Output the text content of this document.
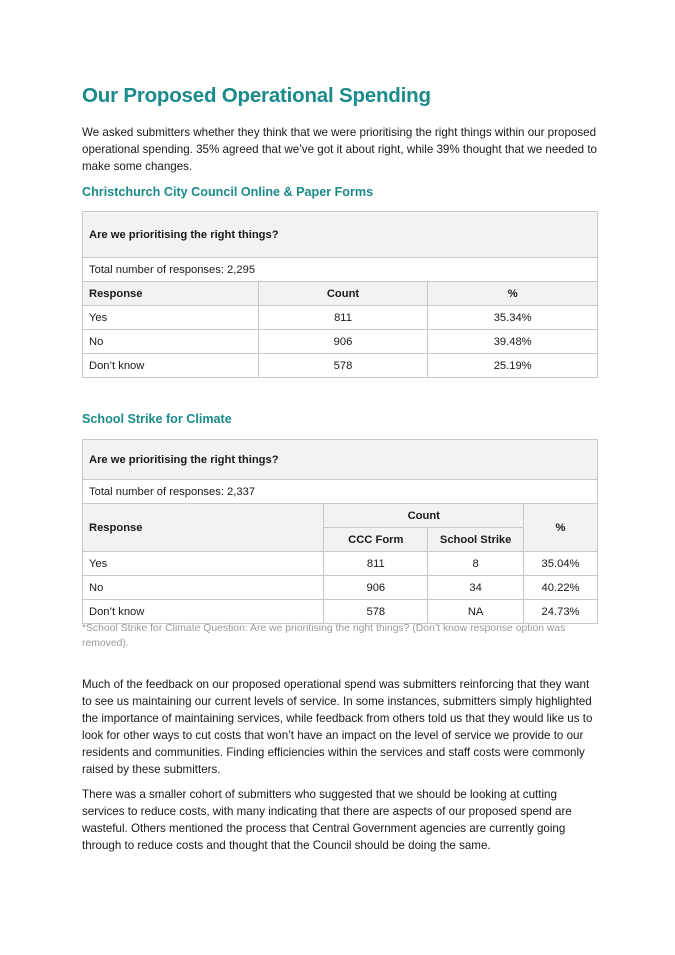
Our Proposed Operational Spending

We asked submitters whether they think that we were prioritising the right things within our proposed operational spending. 35% agreed that we’ve got it about right, while 39% thought that we needed to make some changes.

Christchurch City Council Online & Paper Forms
Are we prioritising the right things?		
Total number of responses: 2,295		
Response	Count	%
Yes	811	35.34%
No	906	39.48%
Don’t know	578	25.19%
School Strike for Climate
Are we prioritising the right things?			
Total number of responses: 2,337			
Response	Count		%
	CCC Form	School Strike	
Yes	811	8	35.04%
No	906	34	40.22%
Don’t know	578	NA	24.73%

*School Strike for Climate Question: Are we prioritising the right things? (Don’t know response option was removed).

Much of the feedback on our proposed operational spend was submitters reinforcing that they want to see us maintaining our current levels of service. In some instances, submitters simply highlighted the importance of maintaining services, while feedback from others told us that they would like us to look for other ways to cut costs that won’t have an impact on the level of service we provide to our residents and communities. Finding efficiencies within the services and staff costs were commonly raised by these submitters.

There was a smaller cohort of submitters who suggested that we should be looking at cutting services to reduce costs, with many indicating that there are aspects of our proposed spend are wasteful. Others mentioned the process that Central Government agencies are currently going through to reduce costs and thought that the Council should be doing the same.
